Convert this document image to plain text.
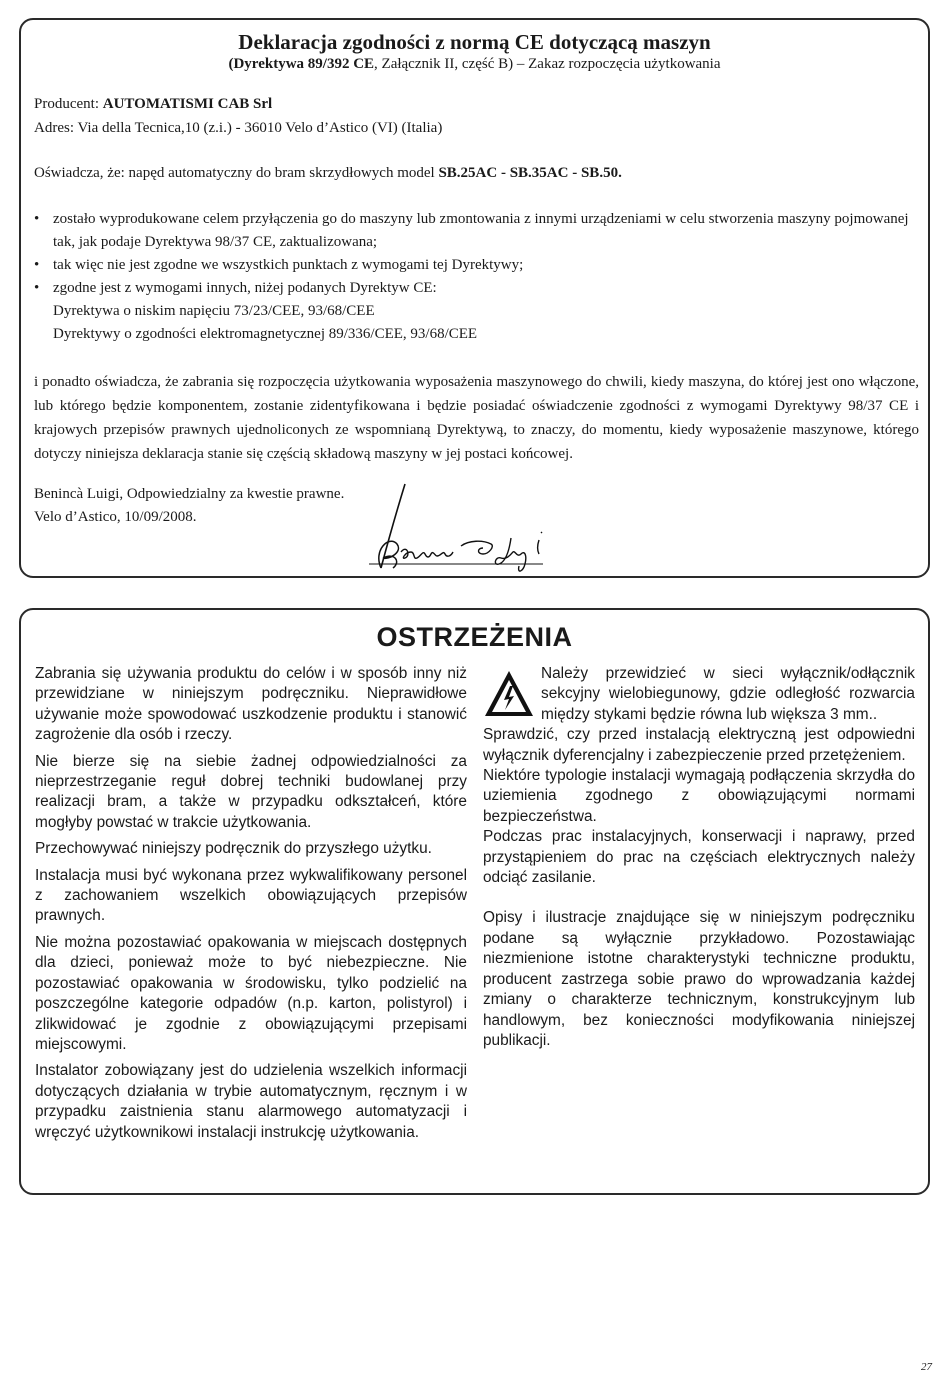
Deklaracja zgodności z normą CE dotyczącą maszyn
(Dyrektywa 89/392 CE, Załącznik II, część B) – Zakaz rozpoczęcia użytkowania
Producent: AUTOMATISMI CAB Srl
Adres: Via della Tecnica,10 (z.i.) - 36010 Velo d’Astico (VI) (Italia)
Oświadcza, że: napęd automatyczny do bram skrzydłowych model SB.25AC - SB.35AC - SB.50.
• zostało wyprodukowane celem przyłączenia go do maszyny lub zmontowania z innymi urządzeniami w celu stworzenia maszyny pojmowanej tak, jak podaje Dyrektywa 98/37 CE, zaktualizowana;
• tak więc nie jest zgodne we wszystkich punktach z wymogami tej Dyrektywy;
• zgodne jest z wymogami innych, niżej podanych Dyrektyw CE:
Dyrektywa o niskim napięciu 73/23/CEE, 93/68/CEE
Dyrektywy o zgodności elektromagnetycznej 89/336/CEE, 93/68/CEE
i ponadto oświadcza, że zabrania się rozpoczęcia użytkowania wyposażenia maszynowego do chwili, kiedy maszyna, do której jest ono włączone, lub którego będzie komponentem, zostanie zidentyfikowana i będzie posiadać oświadczenie zgodności z wymogami Dyrektywy 98/37 CE i krajowych przepisów prawnych ujednoliconych ze wspomnianą Dyrektywą, to znaczy, do momentu, kiedy wyposażenie maszynowe, którego dotyczy niniejsza deklaracja stanie się częścią składową maszyny w jej postaci końcowej.
Benincà Luigi, Odpowiedzialny za kwestie prawne.
Velo d’Astico, 10/09/2008.
OSTRZEŻENIA

Zabrania się używania produktu do celów i w sposób inny niż przewidziane w niniejszym podręczniku. Nieprawidłowe używanie może spowodować uszkodzenie produktu i stanowić zagrożenie dla osób i rzeczy.

Nie bierze się na siebie żadnej odpowiedzialności za nieprzestrzeganie reguł dobrej techniki budowlanej przy realizacji bram, a także w przypadku odkształceń, które mogłyby powstać w trakcie użytkowania.

Przechowywać niniejszy podręcznik do przyszłego użytku.

Instalacja musi być wykonana przez wykwalifikowany personel z zachowaniem wszelkich obowiązujących przepisów prawnych.

Nie można pozostawiać opakowania w miejscach dostępnych dla dzieci, ponieważ może to być niebezpieczne. Nie pozostawiać opakowania w środowisku, tylko podzielić na poszczególne kategorie odpadów (n.p. karton, polistyrol) i zlikwidować je zgodnie z obowiązującymi przepisami miejscowymi.

Instalator zobowiązany jest do udzielenia wszelkich informacji dotyczących działania w trybie automatycznym, ręcznym i w przypadku zaistnienia stanu alarmowego automatyzacji i wręczyć użytkownikowi instalacji instrukcję użytkowania.

Należy przewidzieć w sieci wyłącznik/odłącznik sekcyjny wielobiegunowy, gdzie odległość rozwarcia między stykami będzie równa lub większa 3 mm..

Sprawdzić, czy przed instalacją elektryczną jest odpowiedni wyłącznik dyferencjalny i zabezpieczenie przed przetężeniem.

Niektóre typologie instalacji wymagają podłączenia skrzydła do uziemienia zgodnego z obowiązującymi normami bezpieczeństwa.

Podczas prac instalacyjnych, konserwacji i naprawy, przed przystąpieniem do prac na częściach elektrycznych należy odciąć zasilanie.

Opisy i ilustracje znajdujące się w niniejszym podręczniku podane są wyłącznie przykładowo. Pozostawiając niezmienione istotne charakterystyki techniczne produktu, producent zastrzega sobie prawo do wprowadzania każdej zmiany o charakterze technicznym, konstrukcyjnym lub handlowym, bez konieczności modyfikowania niniejszej publikacji.

27
